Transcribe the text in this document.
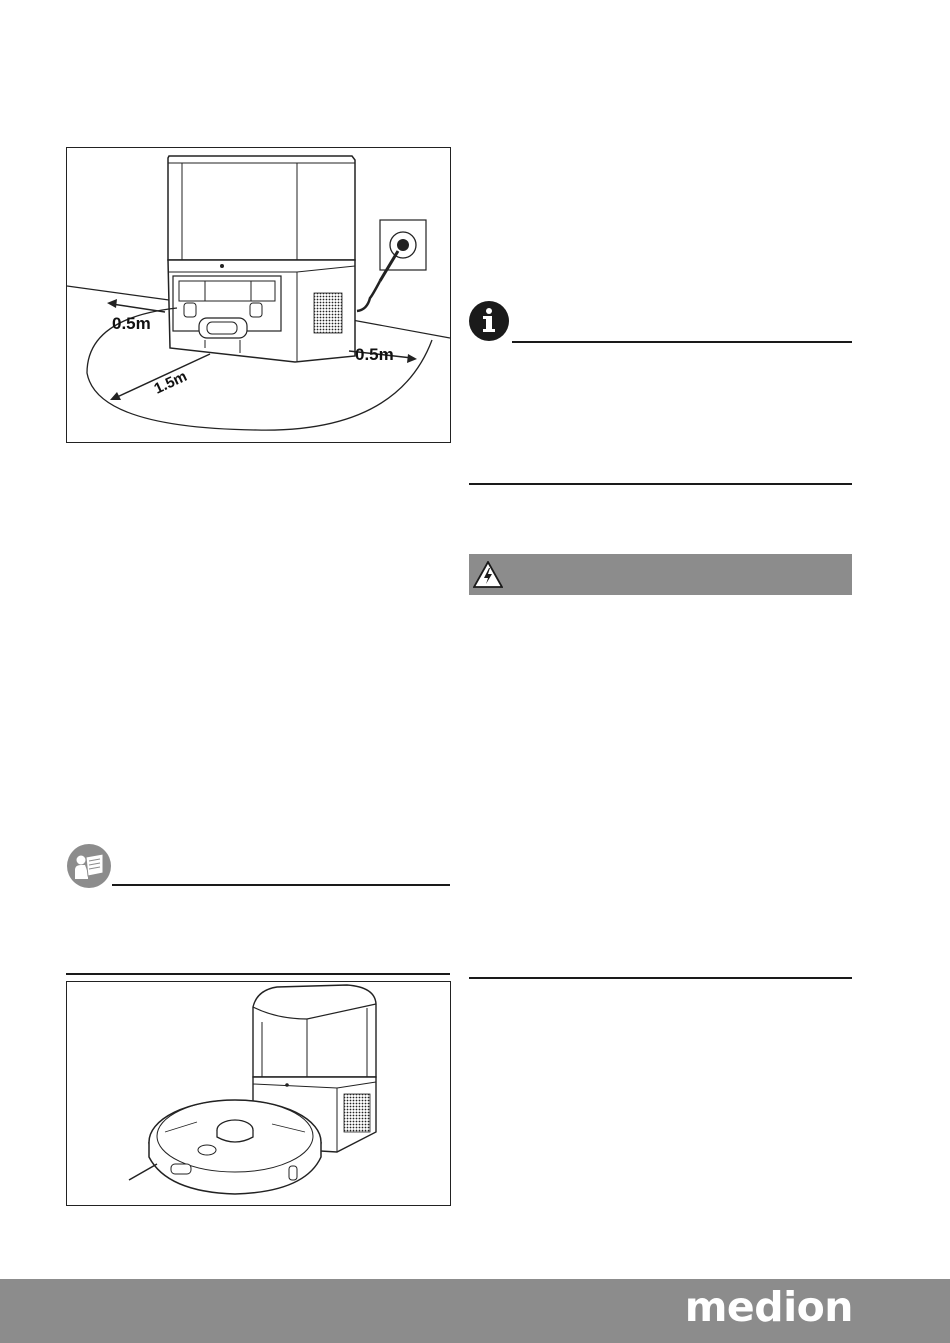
0.5m
0.5m
1.5m
medion
